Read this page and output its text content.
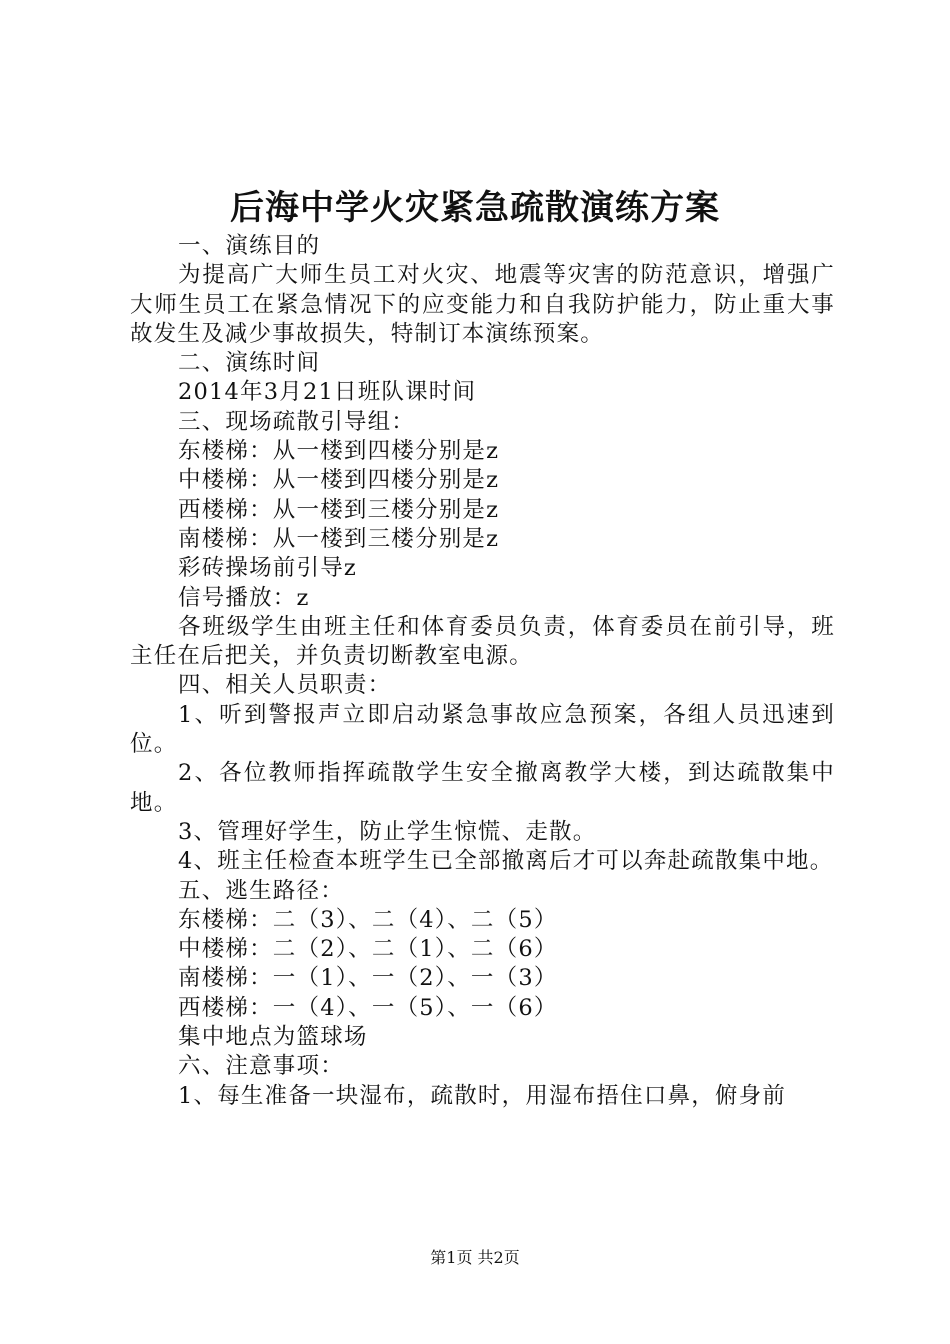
后海中学火灾紧急疏散演练方案

一、演练目的

为提高广大师生员工对火灾、地震等灾害的防范意识，增强广大师生员工在紧急情况下的应变能力和自我防护能力，防止重大事故发生及减少事故损失，特制订本演练预案。

二、演练时间

2014年3月21日班队课时间

三、现场疏散引导组：

东楼梯：从一楼到四楼分别是z

中楼梯：从一楼到四楼分别是z

西楼梯：从一楼到三楼分别是z

南楼梯：从一楼到三楼分别是z

彩砖操场前引导z

信号播放：z

各班级学生由班主任和体育委员负责，体育委员在前引导，班主任在后把关，并负责切断教室电源。

四、相关人员职责：

1、听到警报声立即启动紧急事故应急预案，各组人员迅速到位。

2、各位教师指挥疏散学生安全撤离教学大楼，到达疏散集中地。

3、管理好学生，防止学生惊慌、走散。

4、班主任检查本班学生已全部撤离后才可以奔赴疏散集中地。

五、逃生路径：

东楼梯：二（3）、二（4）、二（5）

中楼梯：二（2）、二（1）、二（6）

南楼梯：一（1）、一（2）、一（3）

西楼梯：一（4）、一（5）、一（6）

集中地点为篮球场

六、注意事项：

1、每生准备一块湿布，疏散时，用湿布捂住口鼻，俯身前

第1页 共2页
